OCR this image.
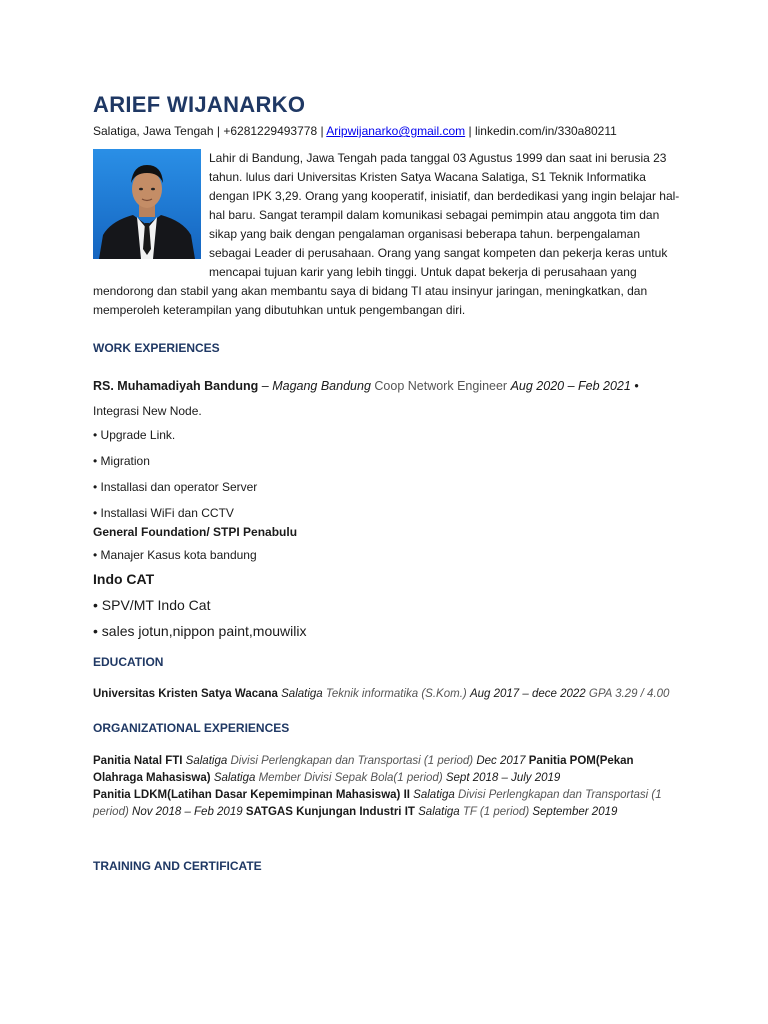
ARIEF WIJANARKO
Salatiga, Jawa Tengah | +6281229493778 | Aripwijanarko@gmail.com | linkedin.com/in/330a80211
Lahir di Bandung, Jawa Tengah pada tanggal 03 Agustus 1999 dan saat ini berusia 23 tahun. lulus dari Universitas Kristen Satya Wacana Salatiga, S1 Teknik Informatika dengan IPK 3,29. Orang yang kooperatif, inisiatif, dan berdedikasi yang ingin belajar hal-hal baru. Sangat terampil dalam komunikasi sebagai pemimpin atau anggota tim dan sikap yang baik dengan pengalaman organisasi beberapa tahun. berpengalaman sebagai Leader di perusahaan. Orang yang sangat kompeten dan pekerja keras untuk mencapai tujuan karir yang lebih tinggi. Untuk dapat bekerja di perusahaan yang mendorong dan stabil yang akan membantu saya di bidang TI atau insinyur jaringan, meningkatkan, dan memperoleh keterampilan yang dibutuhkan untuk pengembangan diri.
WORK EXPERIENCES
RS. Muhamadiyah Bandung – Magang Bandung Coop Network Engineer Aug 2020 – Feb 2021 •
Integrasi New Node.
• Upgrade Link.
• Migration
• Installasi dan operator Server
• Installasi WiFi dan CCTV
General Foundation/ STPI Penabulu
• Manajer Kasus kota bandung
Indo CAT
• SPV/MT Indo Cat
• sales jotun,nippon paint,mouwilix
EDUCATION
Universitas Kristen Satya Wacana Salatiga Teknik informatika (S.Kom.) Aug 2017 – dece 2022 GPA 3.29 / 4.00
ORGANIZATIONAL EXPERIENCES
Panitia Natal FTI Salatiga Divisi Perlengkapan dan Transportasi (1 period) Dec 2017 Panitia POM(Pekan Olahraga Mahasiswa) Salatiga Member Divisi Sepak Bola(1 period) Sept 2018 – July 2019
Panitia LDKM(Latihan Dasar Kepemimpinan Mahasiswa) II Salatiga Divisi Perlengkapan dan Transportasi (1 period) Nov 2018 – Feb 2019 SATGAS Kunjungan Industri IT Salatiga TF (1 period) September 2019
TRAINING AND CERTIFICATE
